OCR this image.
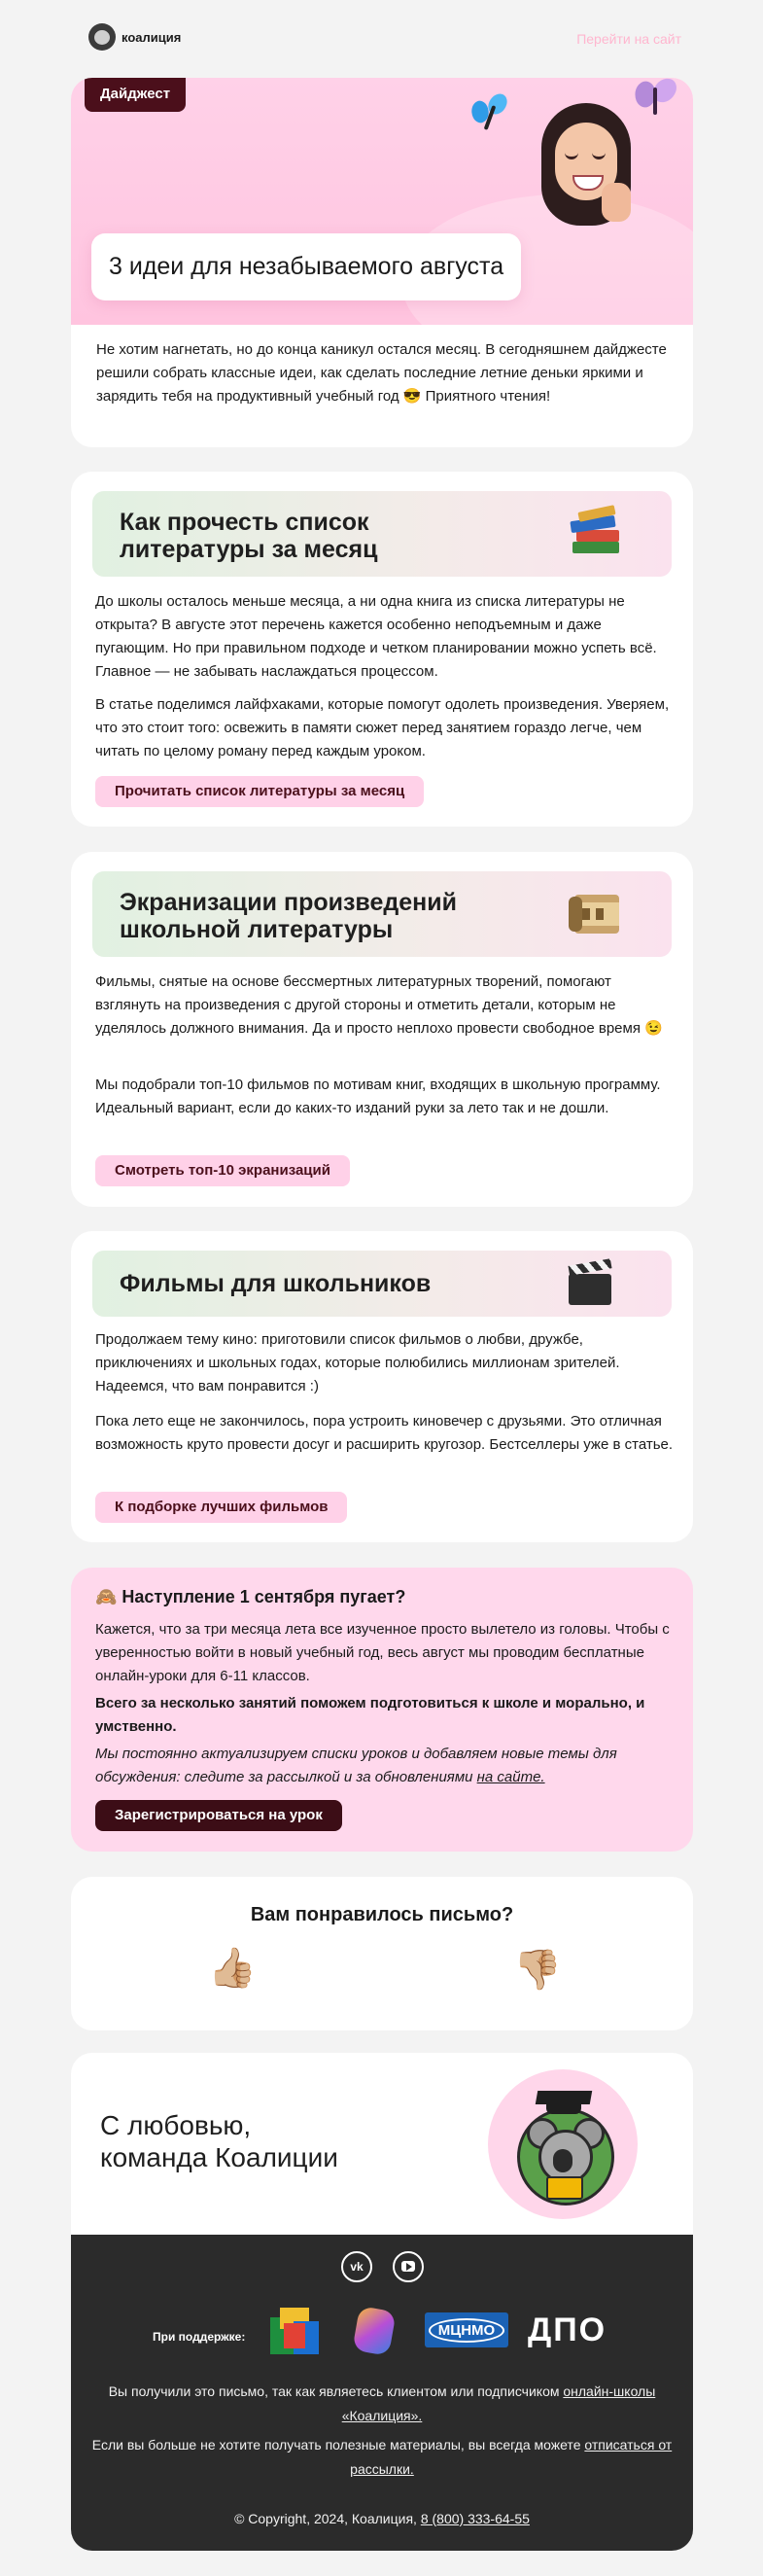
коалиция	Перейти на сайт
Дайджест
3 идеи для незабываемого августа
Не хотим нагнетать, но до конца каникул остался месяц. В сегодняшнем дайджесте решили собрать классные идеи, как сделать последние летние деньки яркими и зарядить тебя на продуктивный учебный год 😎 Приятного чтения!
Как прочесть список
литературы за месяц
До школы осталось меньше месяца, а ни одна книга из списка литературы не открыта? В августе этот перечень кажется особенно неподъемным и даже пугающим. Но при правильном подходе и четком планировании можно успеть всё. Главное — не забывать наслаждаться процессом.
В статье поделимся лайфхаками, которые помогут одолеть произведения. Уверяем, что это стоит того: освежить в памяти сюжет перед занятием гораздо легче, чем читать по целому роману перед каждым уроком.
Прочитать список литературы за месяц
Экранизации произведений
школьной литературы
Фильмы, снятые на основе бессмертных литературных творений, помогают взглянуть на произведения с другой стороны и отметить детали, которым не уделялось должного внимания. Да и просто неплохо провести свободное время 😉
Мы подобрали топ-10 фильмов по мотивам книг, входящих в школьную программу. Идеальный вариант, если до каких-то изданий руки за лето так и не дошли.
Смотреть топ-10 экранизаций
Фильмы для школьников
Продолжаем тему кино: приготовили список фильмов о любви, дружбе, приключениях и школьных годах, которые полюбились миллионам зрителей. Надеемся, что вам понравится :)
Пока лето еще не закончилось, пора устроить киновечер с друзьями. Это отличная возможность круто провести досуг и расширить кругозор. Бестселлеры уже в статье.
К подборке лучших фильмов
🙈 Наступление 1 сентября пугает?
Кажется, что за три месяца лета все изученное просто вылетело из головы. Чтобы с уверенностью войти в новый учебный год, весь август мы проводим бесплатные онлайн-уроки для 6-11 классов.
Всего за несколько занятий поможем подготовиться к школе и морально, и умственно.
Мы постоянно актуализируем списки уроков и добавляем новые темы для обсуждения: следите за рассылкой и за обновлениями на сайте.
Зарегистрироваться на урок
Вам понравилось письмо?
👍🏼	👎🏼
С любовью,
команда Коалиции
vk
При поддержке:	МЦНМО ДПО
Вы получили это письмо, так как являетесь клиентом или подписчиком онлайн-школы «Коалиция».
Если вы больше не хотите получать полезные материалы, вы всегда можете отписаться от рассылки.
© Copyright, 2024, Коалиция, 8 (800) 333-64-55
